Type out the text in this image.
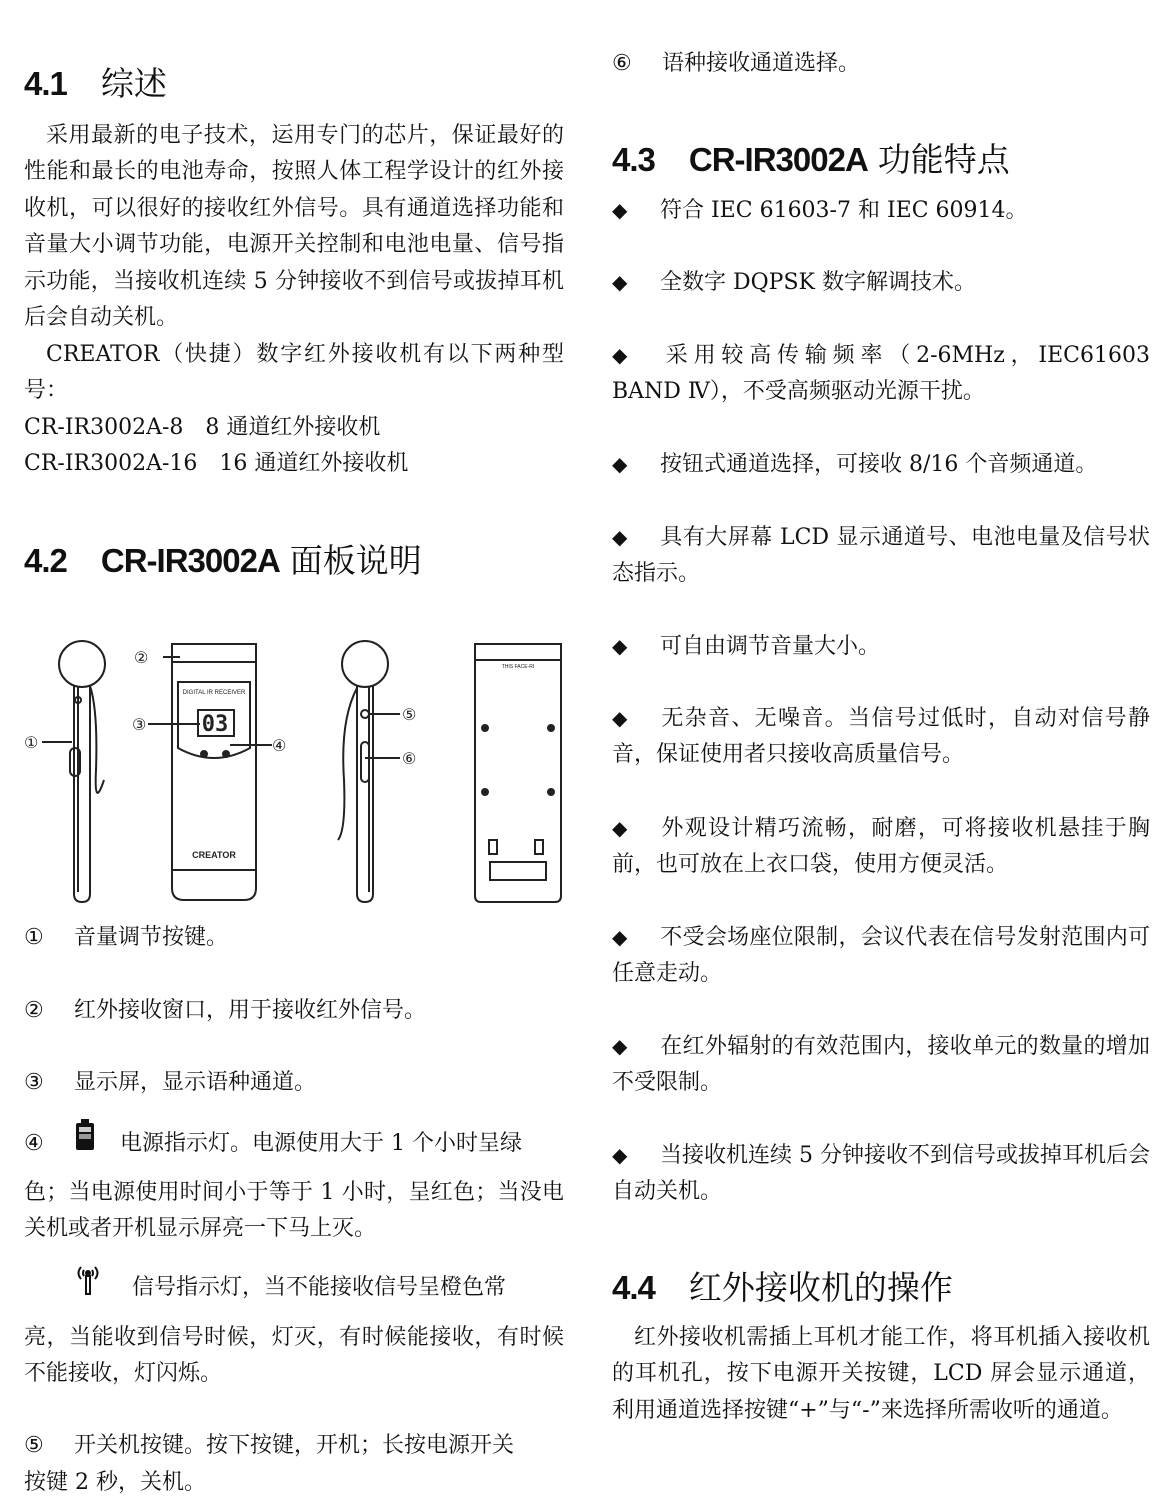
4.1 综述

采用最新的电子技术，运用专门的芯片，保证最好的性能和最长的电池寿命，按照人体工程学设计的红外接收机，可以很好的接收红外信号。具有通道选择功能和音量大小调节功能，电源开关控制和电池电量、信号指示功能，当接收机连续 5 分钟接收不到信号或拔掉耳机后会自动关机。

CREATOR（快捷）数字红外接收机有以下两种型号：

CR-IR3002A-8　8 通道红外接收机
CR-IR3002A-16　16 通道红外接收机
4.2 CR-IR3002A 面板说明
DIGITAL IR RECEIVER
03
CREATOR
THIS FACE-RI
①
②
③
④
⑤
⑥
① 音量调节按键。
② 红外接收窗口，用于接收红外信号。
③ 显示屏，显示语种通道。
④	电源指示灯。电源使用大于 1 个小时呈绿

色；当电源使用时间小于等于 1 小时，呈红色；当没电关机或者开机显示屏亮一下马上灭。

信号指示灯，当不能接收信号呈橙色常

亮，当能收到信号时候，灯灭，有时候能接收，有时候不能接收，灯闪烁。

⑤ 开关机按键。按下按键，开机；长按电源开关
按键 2 秒，关机。
⑥ 语种接收通道选择。
4.3 CR-IR3002A 功能特点
◆ 符合 IEC 61603-7 和 IEC 60914。
◆ 全数字 DQPSK 数字解调技术。
◆ 采用较高传输频率（2-6MHz，IEC61603 BAND Ⅳ），不受高频驱动光源干扰。
◆ 按钮式通道选择，可接收 8/16 个音频通道。
◆ 具有大屏幕 LCD 显示通道号、电池电量及信号状态指示。
◆ 可自由调节音量大小。
◆ 无杂音、无噪音。当信号过低时，自动对信号静音，保证使用者只接收高质量信号。
◆ 外观设计精巧流畅，耐磨，可将接收机悬挂于胸前，也可放在上衣口袋，使用方便灵活。
◆ 不受会场座位限制，会议代表在信号发射范围内可任意走动。
◆ 在红外辐射的有效范围内，接收单元的数量的增加不受限制。
◆ 当接收机连续 5 分钟接收不到信号或拔掉耳机后会自动关机。
4.4 红外接收机的操作

红外接收机需插上耳机才能工作，将耳机插入接收机的耳机孔，按下电源开关按键，LCD 屏会显示通道，利用通道选择按键“+”与“-”来选择所需收听的通道。
